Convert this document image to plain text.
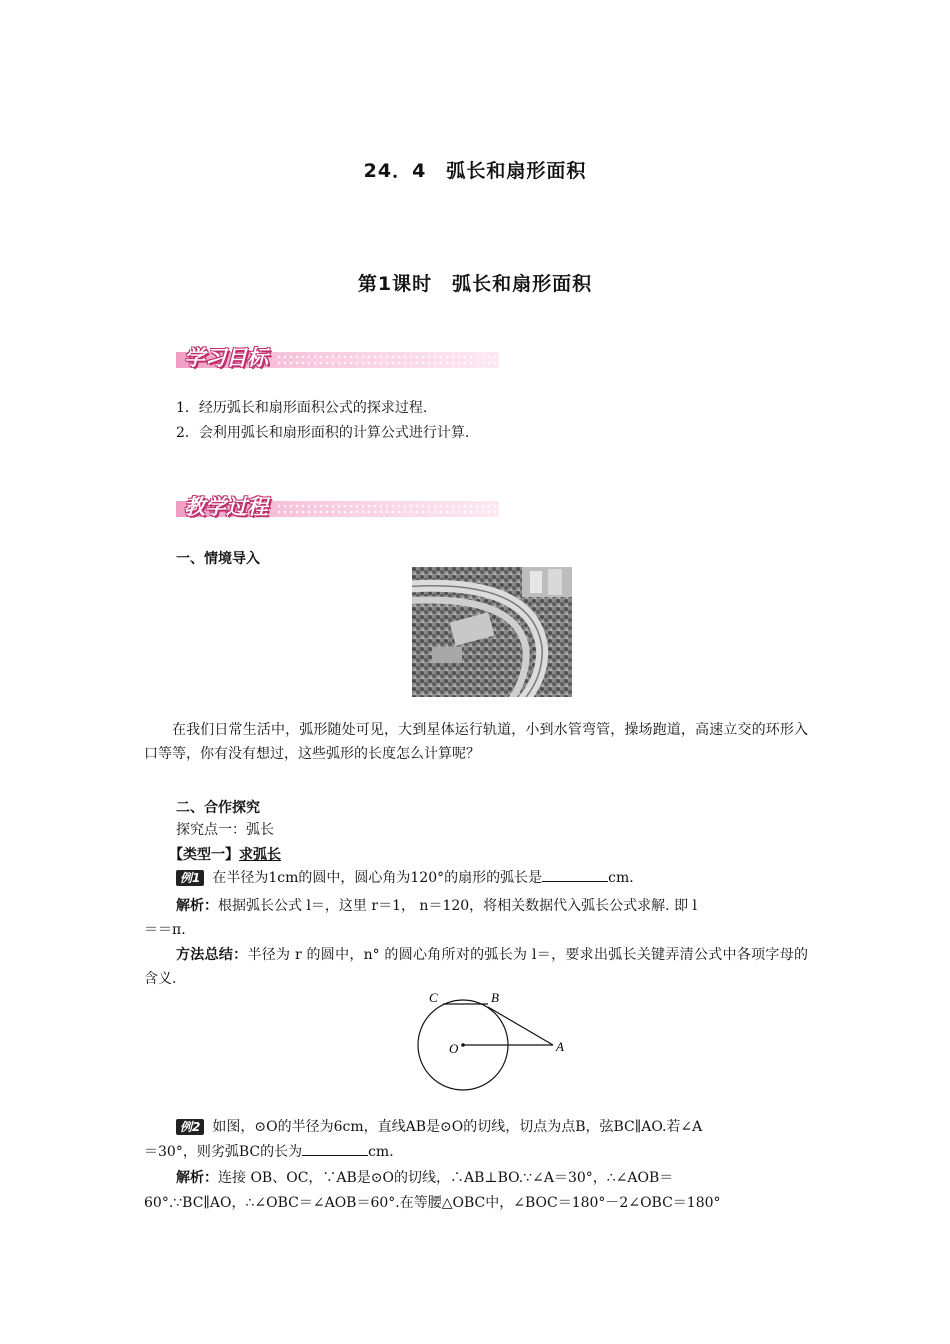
24．4　弧长和扇形面积
第1课时　弧长和扇形面积
学习目标
1．经历弧长和扇形面积公式的探求过程.
2．会利用弧长和扇形面积的计算公式进行计算.
教学过程
一、情境导入
在我们日常生活中，弧形随处可见，大到星体运行轨道，小到水管弯管，操场跑道，高速立交的环形入口等等，你有没有想过，这些弧形的长度怎么计算呢？
二、合作探究
探究点一：弧长
【类型一】求弧长
例1 在半径为1cm的圆中，圆心角为120°的扇形的弧长是	cm.
解析：根据弧长公式 l＝，这里 r＝1， n＝120，将相关数据代入弧长公式求解. 即 l
＝＝π.
方法总结：半径为 r 的圆中，n° 的圆心角所对的弧长为 l＝，要求出弧长关键弄清公式中各项字母的含义.
C	B
O	A
例2 如图，⊙O的半径为6cm，直线AB是⊙O的切线，切点为点B，弦BC∥AO.若∠A
＝30°，则劣弧BC的长为	cm.
解析：连接 OB、OC，∵AB是⊙O的切线，∴AB⊥BO.∵∠A＝30°，∴∠AOB＝
60°.∵BC∥AO，∴∠OBC＝∠AOB＝60°.在等腰△OBC中，∠BOC＝180°－2∠OBC＝180°
